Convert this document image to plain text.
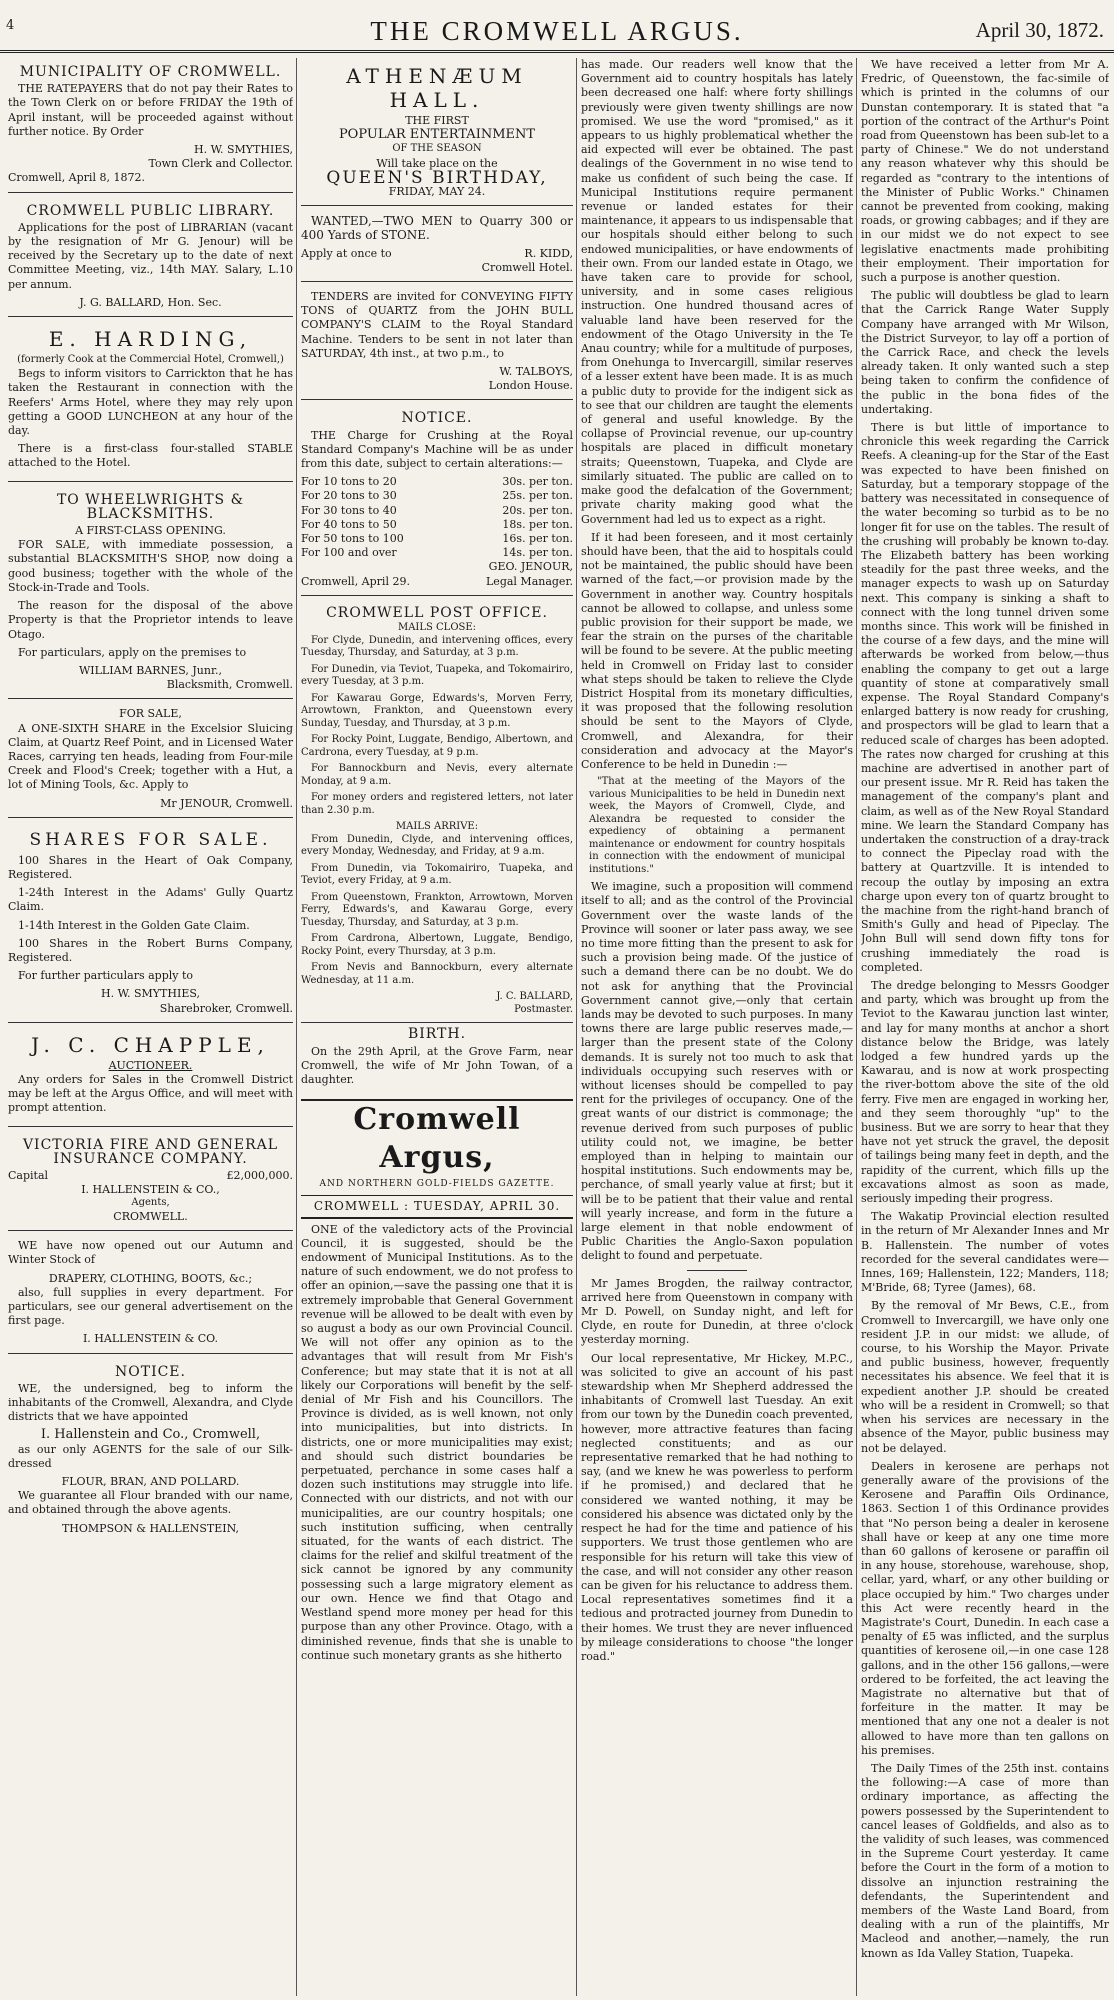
4	THE CROMWELL ARGUS.	April 30, 1872.
MUNICIPALITY OF CROMWELL.

THE RATEPAYERS that do not pay their Rates to the Town Clerk on or before FRIDAY the 19th of April instant, will be proceeded against without further notice. By Order

H. W. SMYTHIES,
Town Clerk and Collector.
Cromwell, April 8, 1872.
CROMWELL PUBLIC LIBRARY.

Applications for the post of LIBRARIAN (vacant by the resignation of Mr G. Jenour) will be received by the Secretary up to the date of next Committee Meeting, viz., 14th MAY. Salary, L.10 per annum.

J. G. BALLARD, Hon. Sec.
E. HARDING,
(formerly Cook at the Commercial Hotel, Cromwell,)

Begs to inform visitors to Carrickton that he has taken the Restaurant in connection with the Reefers' Arms Hotel, where they may rely upon getting a GOOD LUNCHEON at any hour of the day.

There is a first-class four-stalled STABLE attached to the Hotel.

TO WHEELWRIGHTS & BLACKSMITHS.
A FIRST-CLASS OPENING.

FOR SALE, with immediate possession, a substantial BLACKSMITH'S SHOP, now doing a good business; together with the whole of the Stock-in-Trade and Tools.

The reason for the disposal of the above Property is that the Proprietor intends to leave Otago.

For particulars, apply on the premises to

WILLIAM BARNES, Junr.,
Blacksmith, Cromwell.
FOR SALE,

A ONE-SIXTH SHARE in the Excelsior Sluicing Claim, at Quartz Reef Point, and in Licensed Water Races, carrying ten heads, leading from Four-mile Creek and Flood's Creek; together with a Hut, a lot of Mining Tools, &c. Apply to

Mr JENOUR, Cromwell.
SHARES FOR SALE.

100 Shares in the Heart of Oak Company, Registered.

1-24th Interest in the Adams' Gully Quartz Claim.

1-14th Interest in the Golden Gate Claim.

100 Shares in the Robert Burns Company, Registered.

For further particulars apply to

H. W. SMYTHIES,
Sharebroker, Cromwell.
J. C. CHAPPLE,
AUCTIONEER.

Any orders for Sales in the Cromwell District may be left at the Argus Office, and will meet with prompt attention.

VICTORIA FIRE AND GENERAL INSURANCE COMPANY.
Capital	£2,000,000.
I. HALLENSTEIN & CO.,
Agents,
CROMWELL.

WE have now opened out our Autumn and Winter Stock of

DRAPERY, CLOTHING, BOOTS, &c.;

also, full supplies in every department. For particulars, see our general advertisement on the first page.

I. HALLENSTEIN & CO.
NOTICE.

WE, the undersigned, beg to inform the inhabitants of the Cromwell, Alexandra, and Clyde districts that we have appointed

I. Hallenstein and Co., Cromwell,

as our only AGENTS for the sale of our Silk-dressed

FLOUR, BRAN, AND POLLARD.

We guarantee all Flour branded with our name, and obtained through the above agents.

THOMPSON & HALLENSTEIN,
ATHENÆUM HALL.
THE FIRST
POPULAR ENTERTAINMENT
OF THE SEASON
Will take place on the
QUEEN'S BIRTHDAY,
FRIDAY, MAY 24.

WANTED,—TWO MEN to Quarry 300 or 400 Yards of STONE.

Apply at once to	R. KIDD,
Cromwell Hotel.

TENDERS are invited for CONVEYING FIFTY TONS of QUARTZ from the JOHN BULL COMPANY'S CLAIM to the Royal Standard Machine. Tenders to be sent in not later than SATURDAY, 4th inst., at two p.m., to

W. TALBOYS,
London House.
NOTICE.

THE Charge for Crushing at the Royal Standard Company's Machine will be as under from this date, subject to certain alterations:—

For 10 tons to 20	30s. per ton.
For 20 tons to 30	25s. per ton.
For 30 tons to 40	20s. per ton.
For 40 tons to 50	18s. per ton.
For 50 tons to 100	16s. per ton.
For 100 and over	14s. per ton.
GEO. JENOUR,
Cromwell, April 29.	Legal Manager.
CROMWELL POST OFFICE.
MAILS CLOSE:

For Clyde, Dunedin, and intervening offices, every Tuesday, Thursday, and Saturday, at 3 p.m.

For Dunedin, via Teviot, Tuapeka, and Tokomairiro, every Tuesday, at 3 p.m.

For Kawarau Gorge, Edwards's, Morven Ferry, Arrowtown, Frankton, and Queenstown every Sunday, Tuesday, and Thursday, at 3 p.m.

For Rocky Point, Luggate, Bendigo, Albertown, and Cardrona, every Tuesday, at 9 p.m.

For Bannockburn and Nevis, every alternate Monday, at 9 a.m.

For money orders and registered letters, not later than 2.30 p.m.

MAILS ARRIVE:

From Dunedin, Clyde, and intervening offices, every Monday, Wednesday, and Friday, at 9 a.m.

From Dunedin, via Tokomairiro, Tuapeka, and Teviot, every Friday, at 9 a.m.

From Queenstown, Frankton, Arrowtown, Morven Ferry, Edwards's, and Kawarau Gorge, every Tuesday, Thursday, and Saturday, at 3 p.m.

From Cardrona, Albertown, Luggate, Bendigo, Rocky Point, every Thursday, at 3 p.m.

From Nevis and Bannockburn, every alternate Wednesday, at 11 a.m.

J. C. BALLARD,
Postmaster.
BIRTH.

On the 29th April, at the Grove Farm, near Cromwell, the wife of Mr John Towan, of a daughter.

Cromwell Argus,
AND NORTHERN GOLD-FIELDS GAZETTE.
CROMWELL : TUESDAY, APRIL 30.

ONE of the valedictory acts of the Provincial Council, it is suggested, should be the endowment of Municipal Institutions. As to the nature of such endowment, we do not profess to offer an opinion,—save the passing one that it is extremely improbable that General Government revenue will be allowed to be dealt with even by so august a body as our own Provincial Council. We will not offer any opinion as to the advantages that will result from Mr Fish's Conference; but may state that it is not at all likely our Corporations will benefit by the self-denial of Mr Fish and his Councillors. The Province is divided, as is well known, not only into municipalities, but into districts. In districts, one or more municipalities may exist; and should such district boundaries be perpetuated, perchance in some cases half a dozen such institutions may struggle into life. Connected with our districts, and not with our municipalities, are our country hospitals; one such institution sufficing, when centrally situated, for the wants of each district. The claims for the relief and skilful treatment of the sick cannot be ignored by any community possessing such a large migratory element as our own. Hence we find that Otago and Westland spend more money per head for this purpose than any other Province. Otago, with a diminished revenue, finds that she is unable to continue such monetary grants as she hitherto

has made. Our readers well know that the Government aid to country hospitals has lately been decreased one half: where forty shillings previously were given twenty shillings are now promised. We use the word "promised," as it appears to us highly problematical whether the aid expected will ever be obtained. The past dealings of the Government in no wise tend to make us confident of such being the case. If Municipal Institutions require permanent revenue or landed estates for their maintenance, it appears to us indispensable that our hospitals should either belong to such endowed municipalities, or have endowments of their own. From our landed estate in Otago, we have taken care to provide for school, university, and in some cases religious instruction. One hundred thousand acres of valuable land have been reserved for the endowment of the Otago University in the Te Anau country; while for a multitude of purposes, from Onehunga to Invercargill, similar reserves of a lesser extent have been made. It is as much a public duty to provide for the indigent sick as to see that our children are taught the elements of general and useful knowledge. By the collapse of Provincial revenue, our up-country hospitals are placed in difficult monetary straits; Queenstown, Tuapeka, and Clyde are similarly situated. The public are called on to make good the defalcation of the Government; private charity making good what the Government had led us to expect as a right.

If it had been foreseen, and it most certainly should have been, that the aid to hospitals could not be maintained, the public should have been warned of the fact,—or provision made by the Government in another way. Country hospitals cannot be allowed to collapse, and unless some public provision for their support be made, we fear the strain on the purses of the charitable will be found to be severe. At the public meeting held in Cromwell on Friday last to consider what steps should be taken to relieve the Clyde District Hospital from its monetary difficulties, it was proposed that the following resolution should be sent to the Mayors of Clyde, Cromwell, and Alexandra, for their consideration and advocacy at the Mayor's Conference to be held in Dunedin :—

"That at the meeting of the Mayors of the various Municipalities to be held in Dunedin next week, the Mayors of Cromwell, Clyde, and Alexandra be requested to consider the expediency of obtaining a permanent maintenance or endowment for country hospitals in connection with the endowment of municipal institutions."

We imagine, such a proposition will commend itself to all; and as the control of the Provincial Government over the waste lands of the Province will sooner or later pass away, we see no time more fitting than the present to ask for such a provision being made. Of the justice of such a demand there can be no doubt. We do not ask for anything that the Provincial Government cannot give,—only that certain lands may be devoted to such purposes. In many towns there are large public reserves made,—larger than the present state of the Colony demands. It is surely not too much to ask that individuals occupying such reserves with or without licenses should be compelled to pay rent for the privileges of occupancy. One of the great wants of our district is commonage; the revenue derived from such purposes of public utility could not, we imagine, be better employed than in helping to maintain our hospital institutions. Such endowments may be, perchance, of small yearly value at first; but it will be to be patient that their value and rental will yearly increase, and form in the future a large element in that noble endowment of Public Charities the Anglo-Saxon population delight to found and perpetuate.

Mr James Brogden, the railway contractor, arrived here from Queenstown in company with Mr D. Powell, on Sunday night, and left for Clyde, en route for Dunedin, at three o'clock yesterday morning.

Our local representative, Mr Hickey, M.P.C., was solicited to give an account of his past stewardship when Mr Shepherd addressed the inhabitants of Cromwell last Tuesday. An exit from our town by the Dunedin coach prevented, however, more attractive features than facing neglected constituents; and as our representative remarked that he had nothing to say, (and we knew he was powerless to perform if he promised,) and declared that he considered we wanted nothing, it may be considered his absence was dictated only by the respect he had for the time and patience of his supporters. We trust those gentlemen who are responsible for his return will take this view of the case, and will not consider any other reason can be given for his reluctance to address them. Local representatives sometimes find it a tedious and protracted journey from Dunedin to their homes. We trust they are never influenced by mileage considerations to choose "the longer road."

We have received a letter from Mr A. Fredric, of Queenstown, the fac-simile of which is printed in the columns of our Dunstan contemporary. It is stated that "a portion of the contract of the Arthur's Point road from Queenstown has been sub-let to a party of Chinese." We do not understand any reason whatever why this should be regarded as "contrary to the intentions of the Minister of Public Works." Chinamen cannot be prevented from cooking, making roads, or growing cabbages; and if they are in our midst we do not expect to see legislative enactments made prohibiting their employment. Their importation for such a purpose is another question.

The public will doubtless be glad to learn that the Carrick Range Water Supply Company have arranged with Mr Wilson, the District Surveyor, to lay off a portion of the Carrick Race, and check the levels already taken. It only wanted such a step being taken to confirm the confidence of the public in the bona fides of the undertaking.

There is but little of importance to chronicle this week regarding the Carrick Reefs. A cleaning-up for the Star of the East was expected to have been finished on Saturday, but a temporary stoppage of the battery was necessitated in consequence of the water becoming so turbid as to be no longer fit for use on the tables. The result of the crushing will probably be known to-day. The Elizabeth battery has been working steadily for the past three weeks, and the manager expects to wash up on Saturday next. This company is sinking a shaft to connect with the long tunnel driven some months since. This work will be finished in the course of a few days, and the mine will afterwards be worked from below,—thus enabling the company to get out a large quantity of stone at comparatively small expense. The Royal Standard Company's enlarged battery is now ready for crushing, and prospectors will be glad to learn that a reduced scale of charges has been adopted. The rates now charged for crushing at this machine are advertised in another part of our present issue. Mr R. Reid has taken the management of the company's plant and claim, as well as of the New Royal Standard mine. We learn the Standard Company has undertaken the construction of a dray-track to connect the Pipeclay road with the battery at Quartzville. It is intended to recoup the outlay by imposing an extra charge upon every ton of quartz brought to the machine from the right-hand branch of Smith's Gully and head of Pipeclay. The John Bull will send down fifty tons for crushing immediately the road is completed.

The dredge belonging to Messrs Goodger and party, which was brought up from the Teviot to the Kawarau junction last winter, and lay for many months at anchor a short distance below the Bridge, was lately lodged a few hundred yards up the Kawarau, and is now at work prospecting the river-bottom above the site of the old ferry. Five men are engaged in working her, and they seem thoroughly "up" to the business. But we are sorry to hear that they have not yet struck the gravel, the deposit of tailings being many feet in depth, and the rapidity of the current, which fills up the excavations almost as soon as made, seriously impeding their progress.

The Wakatip Provincial election resulted in the return of Mr Alexander Innes and Mr B. Hallenstein. The number of votes recorded for the several candidates were—Innes, 169; Hallenstein, 122; Manders, 118; M'Bride, 68; Tyree (James), 68.

By the removal of Mr Bews, C.E., from Cromwell to Invercargill, we have only one resident J.P. in our midst: we allude, of course, to his Worship the Mayor. Private and public business, however, frequently necessitates his absence. We feel that it is expedient another J.P. should be created who will be a resident in Cromwell; so that when his services are necessary in the absence of the Mayor, public business may not be delayed.

Dealers in kerosene are perhaps not generally aware of the provisions of the Kerosene and Paraffin Oils Ordinance, 1863. Section 1 of this Ordinance provides that "No person being a dealer in kerosene shall have or keep at any one time more than 60 gallons of kerosene or paraffin oil in any house, storehouse, warehouse, shop, cellar, yard, wharf, or any other building or place occupied by him." Two charges under this Act were recently heard in the Magistrate's Court, Dunedin. In each case a penalty of £5 was inflicted, and the surplus quantities of kerosene oil,—in one case 128 gallons, and in the other 156 gallons,—were ordered to be forfeited, the act leaving the Magistrate no alternative but that of forfeiture in the matter. It may be mentioned that any one not a dealer is not allowed to have more than ten gallons on his premises.

The Daily Times of the 25th inst. contains the following:—A case of more than ordinary importance, as affecting the powers possessed by the Superintendent to cancel leases of Goldfields, and also as to the validity of such leases, was commenced in the Supreme Court yesterday. It came before the Court in the form of a motion to dissolve an injunction restraining the defendants, the Superintendent and members of the Waste Land Board, from dealing with a run of the plaintiffs, Mr Macleod and another,—namely, the run known as Ida Valley Station, Tuapeka.
